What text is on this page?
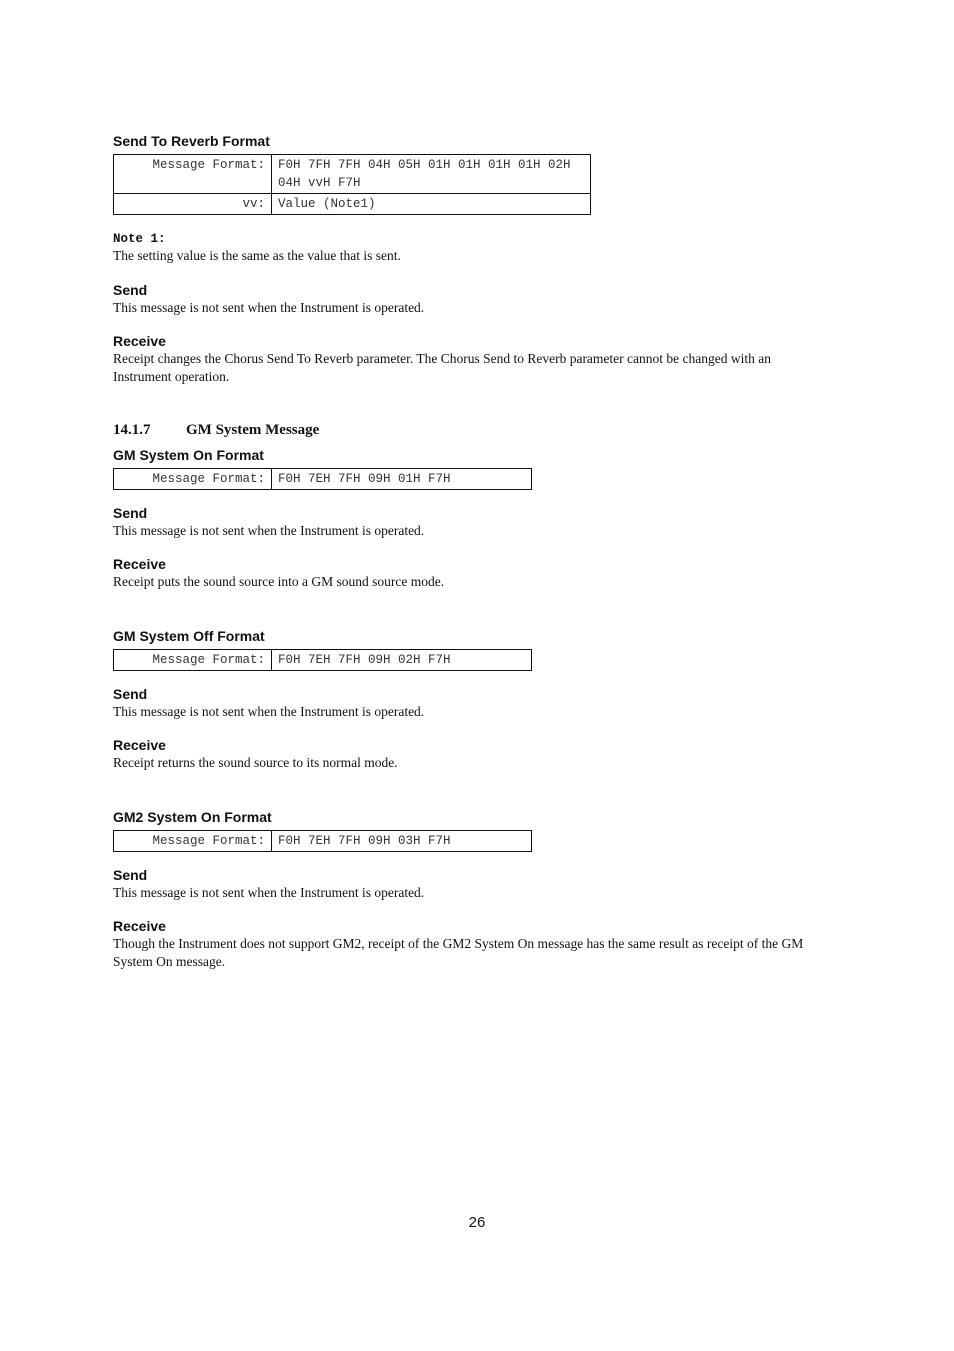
Send To Reverb Format
Message Format:	F0H 7FH 7FH 04H 05H 01H 01H 01H 01H 02H 04H vvH F7H
vv:	Value (Note1)

Note 1:

The setting value is the same as the value that is sent.

Send

This message is not sent when the Instrument is operated.

Receive

Receipt changes the Chorus Send To Reverb parameter. The Chorus Send to Reverb parameter cannot be changed with an Instrument operation.

14.1.7 GM System Message

GM System On Format
Message Format:	F0H 7EH 7FH 09H 01H F7H
Send

This message is not sent when the Instrument is operated.

Receive

Receipt puts the sound source into a GM sound source mode.

GM System Off Format
Message Format:	F0H 7EH 7FH 09H 02H F7H
Send

This message is not sent when the Instrument is operated.

Receive

Receipt returns the sound source to its normal mode.

GM2 System On Format
Message Format:	F0H 7EH 7FH 09H 03H F7H
Send

This message is not sent when the Instrument is operated.

Receive

Though the Instrument does not support GM2, receipt of the GM2 System On message has the same result as receipt of the GM System On message.

26
